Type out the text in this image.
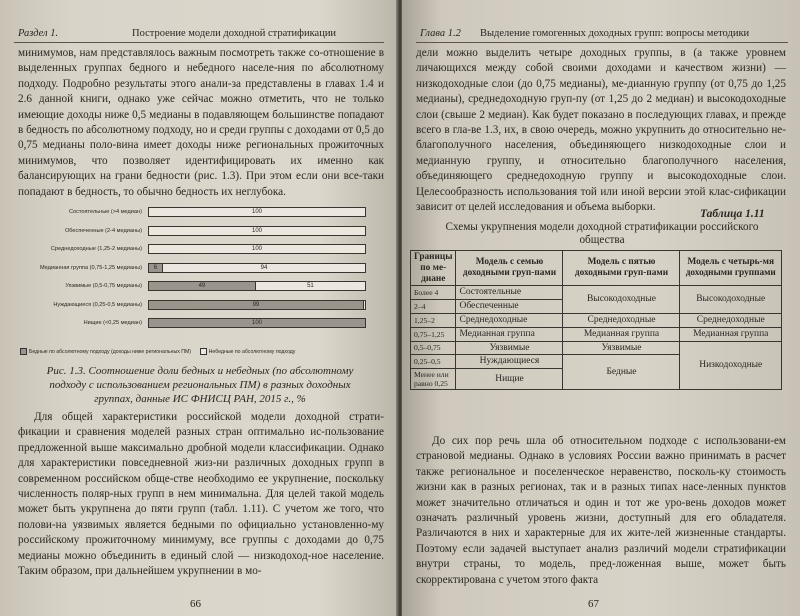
Раздел 1.	Построение модели доходной стратификации

минимумов, нам представлялось важным посмотреть также со-отношение в выделенных группах бедного и небедного населе-ния по абсолютному подходу. Подробно результаты этого анали-за представлены в главах 1.4 и 2.6 данной книги, однако уже сейчас можно отметить, что не только имеющие доходы ниже 0,5 медианы в подавляющем большинстве попадают в бедность по абсолютному подходу, но и среди группы с доходами от 0,5 до 0,75 медианы поло-вина имеет доходы ниже региональных прожиточных минимумов, что позволяет идентифицировать их именно как балансирующих на грани бедности (рис. 1.3). При этом если они все-таки попадают в бедность, то обычно бедность их неглубока.

Состоятельные (>4 медиан)	100
Обеспеченные (2-4 медианы)	100
Среднедоходные (1,25-2 медианы)	100
Медианная группа (0,75-1,25 медианы)	6	94
Уязвимые (0,5-0,75 медианы)	49	51
Нуждающиеся (0,25-0,5 медианы)	99
Нищие (<0,25 медиан)	100
Бедные по абсолютному подходу (доходы ниже региональных ПМ)	Небедные по абсолютному подходу
Рис. 1.3. Соотношение доли бедных и небедных (по абсолютному подходу с использованием региональных ПМ) в разных доходных группах, данные ИС ФНИСЦ РАН, 2015 г., %

Для общей характеристики российской модели доходной страти-фикации и сравнения моделей разных стран оптимально ис-пользование предложенной выше максимально дробной модели классификации. Однако для характеристики повседневной жиз-ни различных доходных групп в современном российском обще-стве необходимо ее укрупнение, поскольку численность поляр-ных групп в нем минимальна. Для целей такой модель может быть укрупнена до пяти групп (табл. 1.11). С учетом же того, что полови-на уязвимых является бедными по официально установленно-му российскому прожиточному минимуму, все группы с доходами до 0,75 медианы можно объединить в единый слой — низкодоход-ное население. Таким образом, при дальнейшем укрупнении в мо-

66
Глава 1.2 Выделение гомогенных доходных групп: вопросы методики

дели можно выделить четыре доходных группы, в (а также уровнем личающихся между собой своими доходами и качеством жизни) — низкодоходные слои (до 0,75 медианы), ме-дианную группу (от 0,75 до 1,25 медианы), среднедоходную груп-пу (от 1,25 до 2 медиан) и высокодоходные слои (свыше 2 медиан). Как будет показано в последующих главах, и прежде всего в гла-ве 1.3, их, в свою очередь, можно укрупнить до относительно не-благополучного населения, объединяющего низкодоходные слои и медианную группу, и относительно благополучного населения, объединяющего среднедоходную группу и высокодоходные слои. Целесообразность использования той или иной версии этой клас-сификации зависит от целей исследования и объема выборки.

Таблица 1.11
Схемы укрупнения модели доходной стратификации российского общества
Границы по ме-диане	Модель с семью доходными груп-пами	Модель с пятью доходными груп-пами	Модель с четырь-мя доходными группами
Более 4	Состоятельные	Высокодоходные	Высокодоходные
2–4	Обеспеченные		
1,25–2	Среднедоходные	Среднедоходные	Среднедоходные
0,75–1,25	Медианная группа	Медианная группа	Медианная группа
0,5–0,75	Уязвимые	Уязвимые	Низкодоходные
0,25–0,5	Нуждающиеся	Бедные	
Менее или равно 0,25	Нищие		

До сих пор речь шла об относительном подходе с использовани-ем страновой медианы. Однако в условиях России важно принимать в расчет также региональное и поселенческое неравенство, посколь-ку стоимость жизни как в разных регионах, так и в разных типах насе-ленных пунктов может значительно отличаться и один и тот же уро-вень доходов может означать различный уровень жизни, доступный для его обладателя. Различаются в них и характерные для их жите-лей жизненные стандарты. Поэтому если задачей выступает анализ различий модели стратификации внутри страны, то модель, пред-ложенная выше, может быть скорректирована с учетом этого факта

67
